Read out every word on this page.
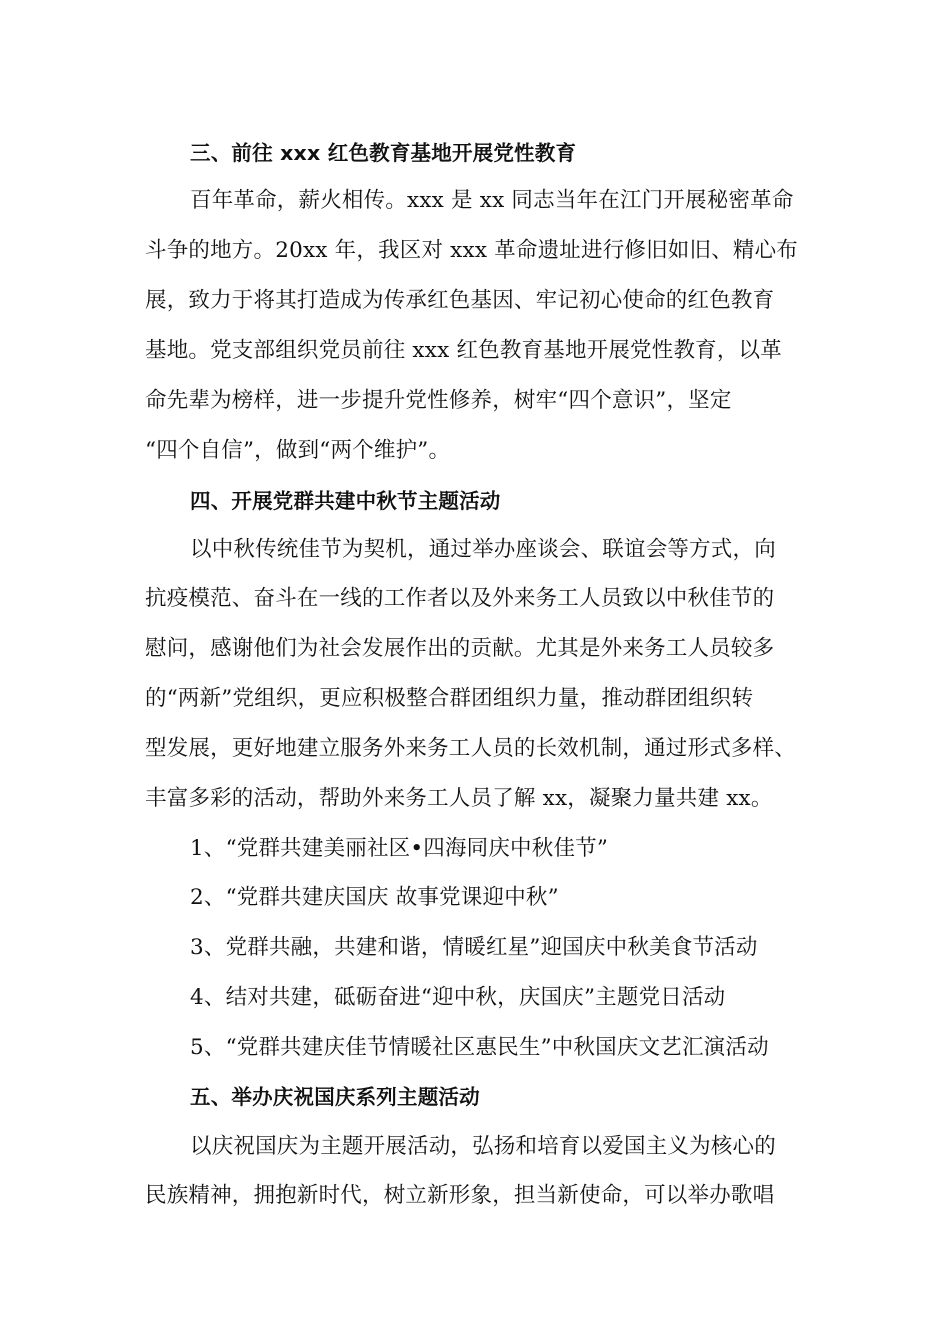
三、前往 xxx 红色教育基地开展党性教育
百年革命，薪火相传。xxx 是 xx 同志当年在江门开展秘密革命
斗争的地方。20xx 年，我区对 xxx 革命遗址进行修旧如旧、精心布
展，致力于将其打造成为传承红色基因、牢记初心使命的红色教育
基地。党支部组织党员前往 xxx 红色教育基地开展党性教育，以革
命先辈为榜样，进一步提升党性修养，树牢“四个意识”，坚定
“四个自信”，做到“两个维护”。
四、开展党群共建中秋节主题活动
以中秋传统佳节为契机，通过举办座谈会、联谊会等方式，向
抗疫模范、奋斗在一线的工作者以及外来务工人员致以中秋佳节的
慰问，感谢他们为社会发展作出的贡献。尤其是外来务工人员较多
的“两新”党组织，更应积极整合群团组织力量，推动群团组织转
型发展，更好地建立服务外来务工人员的长效机制，通过形式多样、
丰富多彩的活动，帮助外来务工人员了解 xx，凝聚力量共建 xx。
1、“党群共建美丽社区•四海同庆中秋佳节”
2、“党群共建庆国庆 故事党课迎中秋”
3、党群共融，共建和谐，情暖红星”迎国庆中秋美食节活动
4、结对共建，砥砺奋进“迎中秋，庆国庆”主题党日活动
5、“党群共建庆佳节情暖社区惠民生”中秋国庆文艺汇演活动
五、举办庆祝国庆系列主题活动
以庆祝国庆为主题开展活动，弘扬和培育以爱国主义为核心的
民族精神，拥抱新时代，树立新形象，担当新使命，可以举办歌唱
